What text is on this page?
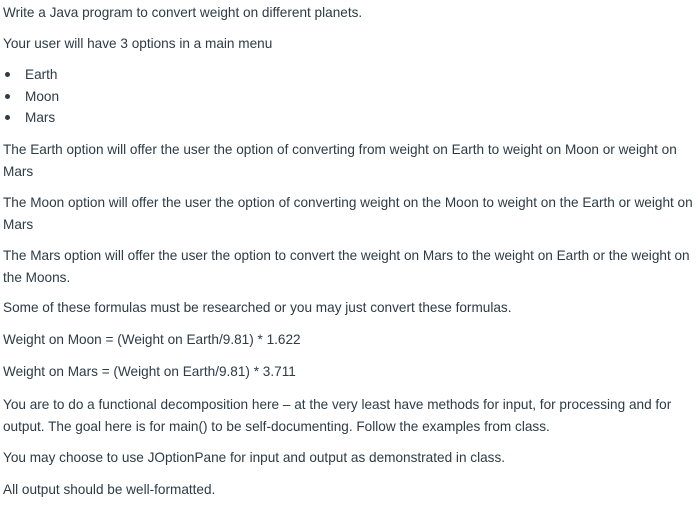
Write a Java program to convert weight on different planets.

Your user will have 3 options in a main menu

Earth
Moon
Mars

The Earth option will offer the user the option of converting from weight on Earth to weight on Moon or weight on Mars

The Moon option will offer the user the option of converting weight on the Moon to weight on the Earth or weight on Mars

The Mars option will offer the user the option to convert the weight on Mars to the weight on Earth or the weight on the Moons.

Some of these formulas must be researched or you may just convert these formulas.

Weight on Moon = (Weight on Earth/9.81) * 1.622

Weight on Mars = (Weight on Earth/9.81) * 3.711

You are to do a functional decomposition here – at the very least have methods for input, for processing and for output. The goal here is for main() to be self-documenting. Follow the examples from class.

You may choose to use JOptionPane for input and output as demonstrated in class.

All output should be well-formatted.
